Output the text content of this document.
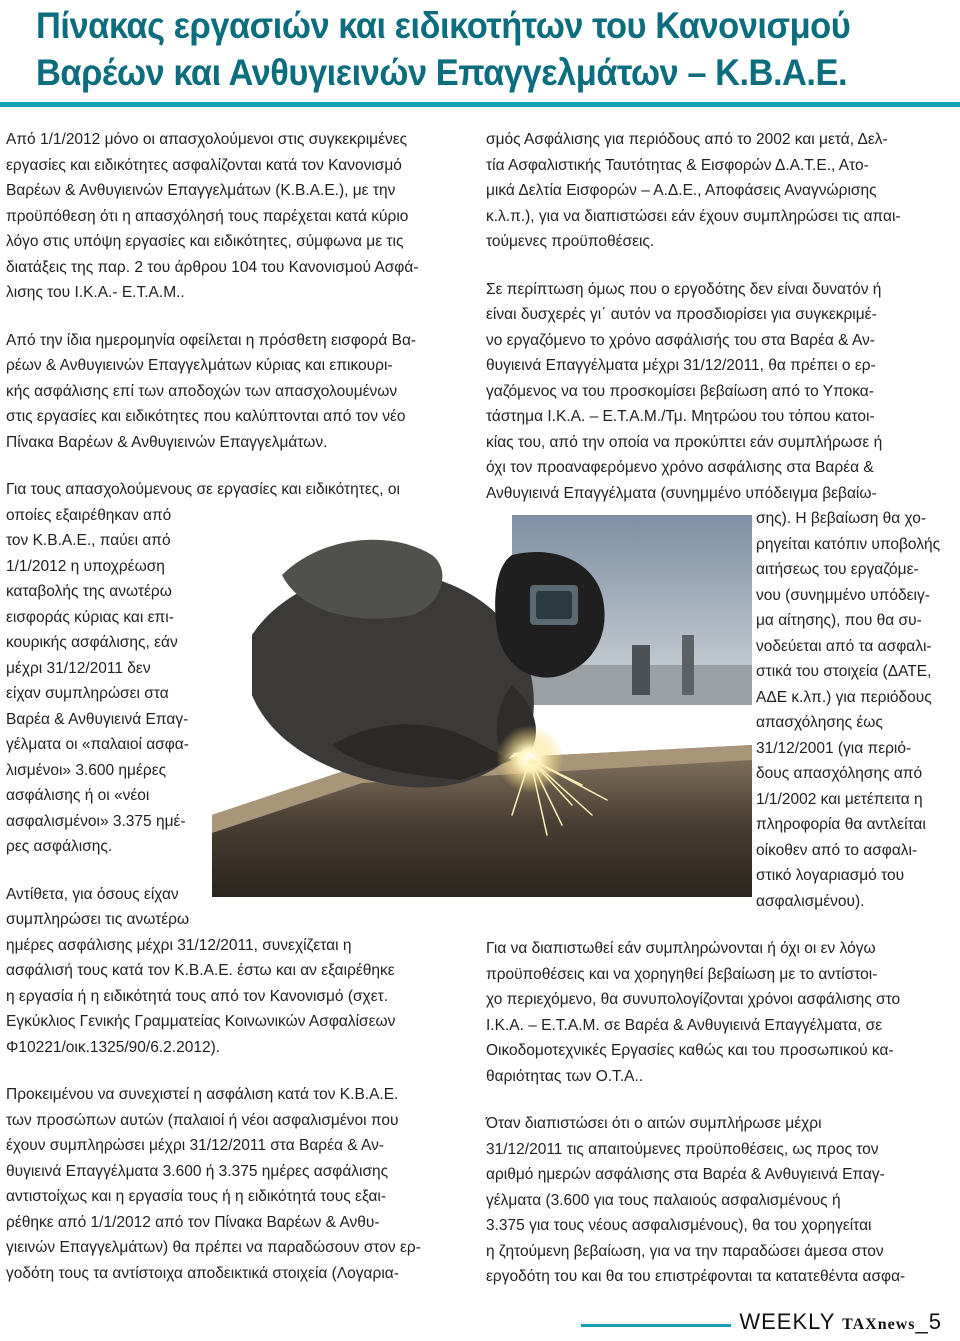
Πίνακας εργασιών και ειδικοτήτων του Κανονισμού
Βαρέων και Ανθυγιεινών Επαγγελμάτων – Κ.Β.Α.Ε.

Από 1/1/2012 μόνο οι απασχολούμενοι στις συγκεκριμένες
εργασίες και ειδικότητες ασφαλίζονται κατά τον Κανονισμό
Βαρέων & Ανθυγιεινών Επαγγελμάτων (Κ.Β.Α.Ε.), με την
προϋπόθεση ότι η απασχόλησή τους παρέχεται κατά κύριο
λόγο στις υπόψη εργασίες και ειδικότητες, σύμφωνα με τις
διατάξεις της παρ. 2 του άρθρου 104 του Κανονισμού Ασφά-
λισης του Ι.Κ.Α.- Ε.Τ.Α.Μ..

Από την ίδια ημερομηνία οφείλεται η πρόσθετη εισφορά Βα-
ρέων & Ανθυγιεινών Επαγγελμάτων κύριας και επικουρι-
κής ασφάλισης επί των αποδοχών των απασχολουμένων
στις εργασίες και ειδικότητες που καλύπτονται από τον νέο
Πίνακα Βαρέων & Ανθυγιεινών Επαγγελμάτων.

Για τους απασχολούμενους σε εργασίες και ειδικότητες, οι
οποίες εξαιρέθηκαν από
τον Κ.Β.Α.Ε., παύει από
1/1/2012 η υποχρέωση
καταβολής της ανωτέρω
εισφοράς κύριας και επι-
κουρικής ασφάλισης, εάν
μέχρι 31/12/2011 δεν
είχαν συμπληρώσει στα
Βαρέα & Ανθυγιεινά Επαγ-
γέλματα οι «παλαιοί ασφα-
λισμένοι» 3.600 ημέρες
ασφάλισης ή οι «νέοι
ασφαλισμένοι» 3.375 ημέ-
ρες ασφάλισης.

Αντίθετα, για όσους είχαν
συμπληρώσει τις ανωτέρω
ημέρες ασφάλισης μέχρι 31/12/2011, συνεχίζεται η
ασφάλισή τους κατά τον Κ.Β.Α.Ε. έστω και αν εξαιρέθηκε
η εργασία ή η ειδικότητά τους από τον Κανονισμό (σχετ.
Εγκύκλιος Γενικής Γραμματείας Κοινωνικών Ασφαλίσεων
Φ10221/οικ.1325/90/6.2.2012).

Προκειμένου να συνεχιστεί η ασφάλιση κατά τον Κ.Β.Α.Ε.
των προσώπων αυτών (παλαιοί ή νέοι ασφαλισμένοι που
έχουν συμπληρώσει μέχρι 31/12/2011 στα Βαρέα & Αν-
θυγιεινά Επαγγέλματα 3.600 ή 3.375 ημέρες ασφάλισης
αντιστοίχως και η εργασία τους ή η ειδικότητά τους εξαι-
ρέθηκε από 1/1/2012 από τον Πίνακα Βαρέων & Ανθυ-
γιεινών Επαγγελμάτων) θα πρέπει να παραδώσουν στον ερ-
γοδότη τους τα αντίστοιχα αποδεικτικά στοιχεία (Λογαρια-

σμός Ασφάλισης για περιόδους από το 2002 και μετά, Δελ-
τία Ασφαλιστικής Ταυτότητας & Εισφορών Δ.Α.Τ.Ε., Ατο-
μικά Δελτία Εισφορών – Α.Δ.Ε., Αποφάσεις Αναγνώρισης
κ.λ.π.), για να διαπιστώσει εάν έχουν συμπληρώσει τις απαι-
τούμενες προϋποθέσεις.

Σε περίπτωση όμως που ο εργοδότης δεν είναι δυνατόν ή
είναι δυσχερές γι΄ αυτόν να προσδιορίσει για συγκεκριμέ-
νο εργαζόμενο το χρόνο ασφάλισής του στα Βαρέα & Αν-
θυγιεινά Επαγγέλματα μέχρι 31/12/2011, θα πρέπει ο ερ-
γαζόμενος να του προσκομίσει βεβαίωση από το Υποκα-
τάστημα Ι.Κ.Α. – Ε.Τ.Α.Μ./Τμ. Μητρώου του τόπου κατοι-
κίας του, από την οποία να προκύπτει εάν συμπλήρωσε ή
όχι τον προαναφερόμενο χρόνο ασφάλισης στα Βαρέα &
Ανθυγιεινά Επαγγέλματα (συνημμένο υπόδειγμα βεβαίω-
σης). Η βεβαίωση θα χο-
ρηγείται κατόπιν υποβολής
αιτήσεως του εργαζόμε-
νου (συνημμένο υπόδειγ-
μα αίτησης), που θα συ-
νοδεύεται από τα ασφαλι-
στικά του στοιχεία (ΔΑΤΕ,
ΑΔΕ κ.λπ.) για περιόδους
απασχόλησης έως
31/12/2001 (για περιό-
δους απασχόλησης από
1/1/2002 και μετέπειτα η
πληροφορία θα αντλείται
οίκοθεν από το ασφαλι-
στικό λογαριασμό του
ασφαλισμένου).

Για να διαπιστωθεί εάν συμπληρώνονται ή όχι οι εν λόγω
προϋποθέσεις και να χορηγηθεί βεβαίωση με το αντίστοι-
χο περιεχόμενο, θα συνυπολογίζονται χρόνοι ασφάλισης στο
Ι.Κ.Α. – Ε.Τ.Α.Μ. σε Βαρέα & Ανθυγιεινά Επαγγέλματα, σε
Οικοδομοτεχνικές Εργασίες καθώς και του προσωπικού κα-
θαριότητας των Ο.Τ.Α..

Όταν διαπιστώσει ότι ο αιτών συμπλήρωσε μέχρι
31/12/2011 τις απαιτούμενες προϋποθέσεις, ως προς τον
αριθμό ημερών ασφάλισης στα Βαρέα & Ανθυγιεινά Επαγ-
γέλματα (3.600 για τους παλαιούς ασφαλισμένους ή
3.375 για τους νέους ασφαλισμένους), θα του χορηγείται
η ζητούμενη βεβαίωση, για να την παραδώσει άμεσα στον
εργοδότη του και θα του επιστρέφονται τα κατατεθέντα ασφα-

WEEKLY TAXnews_5
